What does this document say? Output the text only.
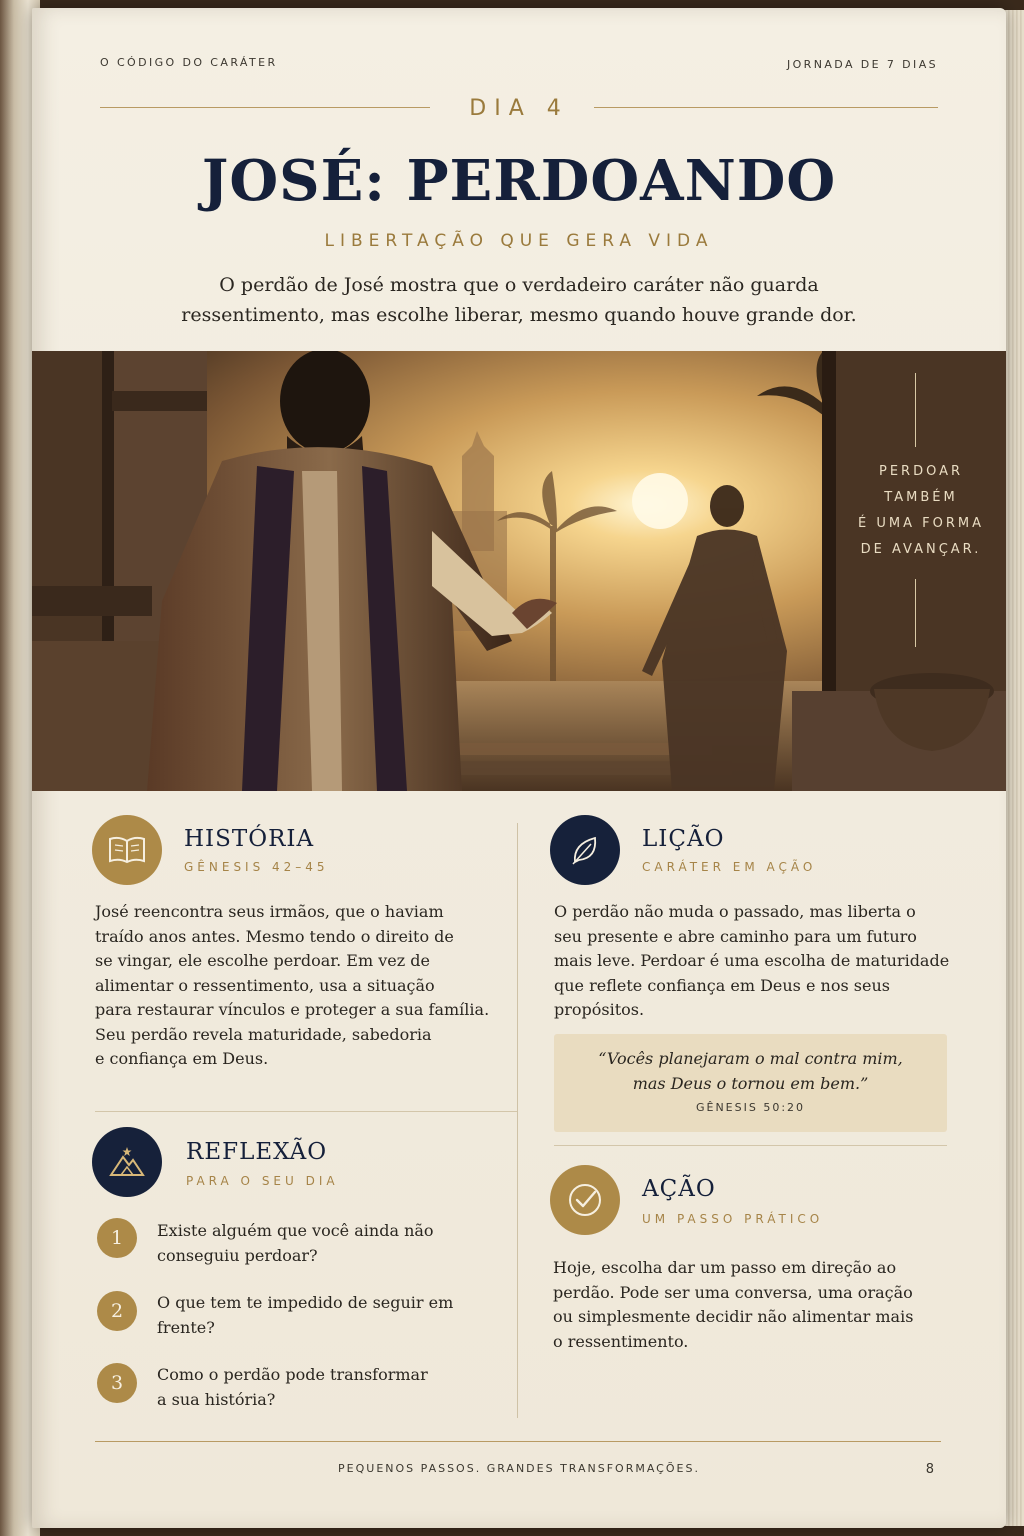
O CÓDIGO DO CARÁTER	JORNADA DE 7 DIAS
DIA 4
JOSÉ: PERDOANDO
LIBERTAÇÃO QUE GERA VIDA
O perdão de José mostra que o verdadeiro caráter não guarda
ressentimento, mas escolhe liberar, mesmo quando houve grande dor.
PERDOAR
TAMBÉM
É UMA FORMA
DE AVANÇAR.
HISTÓRIA
GÊNESIS 42–45
José reencontra seus irmãos, que o haviam
traído anos antes. Mesmo tendo o direito de
se vingar, ele escolhe perdoar. Em vez de
alimentar o ressentimento, usa a situação
para restaurar vínculos e proteger a sua família.
Seu perdão revela maturidade, sabedoria
e confiança em Deus.
REFLEXÃO
PARA O SEU DIA
1	Existe alguém que você ainda não
conseguiu perdoar?
2	O que tem te impedido de seguir em
frente?
3	Como o perdão pode transformar
a sua história?
LIÇÃO
CARÁTER EM AÇÃO
O perdão não muda o passado, mas liberta o
seu presente e abre caminho para um futuro
mais leve. Perdoar é uma escolha de maturidade
que reflete confiança em Deus e nos seus
propósitos.
“Vocês planejaram o mal contra mim,
mas Deus o tornou em bem.”
GÊNESIS 50:20
AÇÃO
UM PASSO PRÁTICO
Hoje, escolha dar um passo em direção ao
perdão. Pode ser uma conversa, uma oração
ou simplesmente decidir não alimentar mais
o ressentimento.
PEQUENOS PASSOS. GRANDES TRANSFORMAÇÕES.	8
